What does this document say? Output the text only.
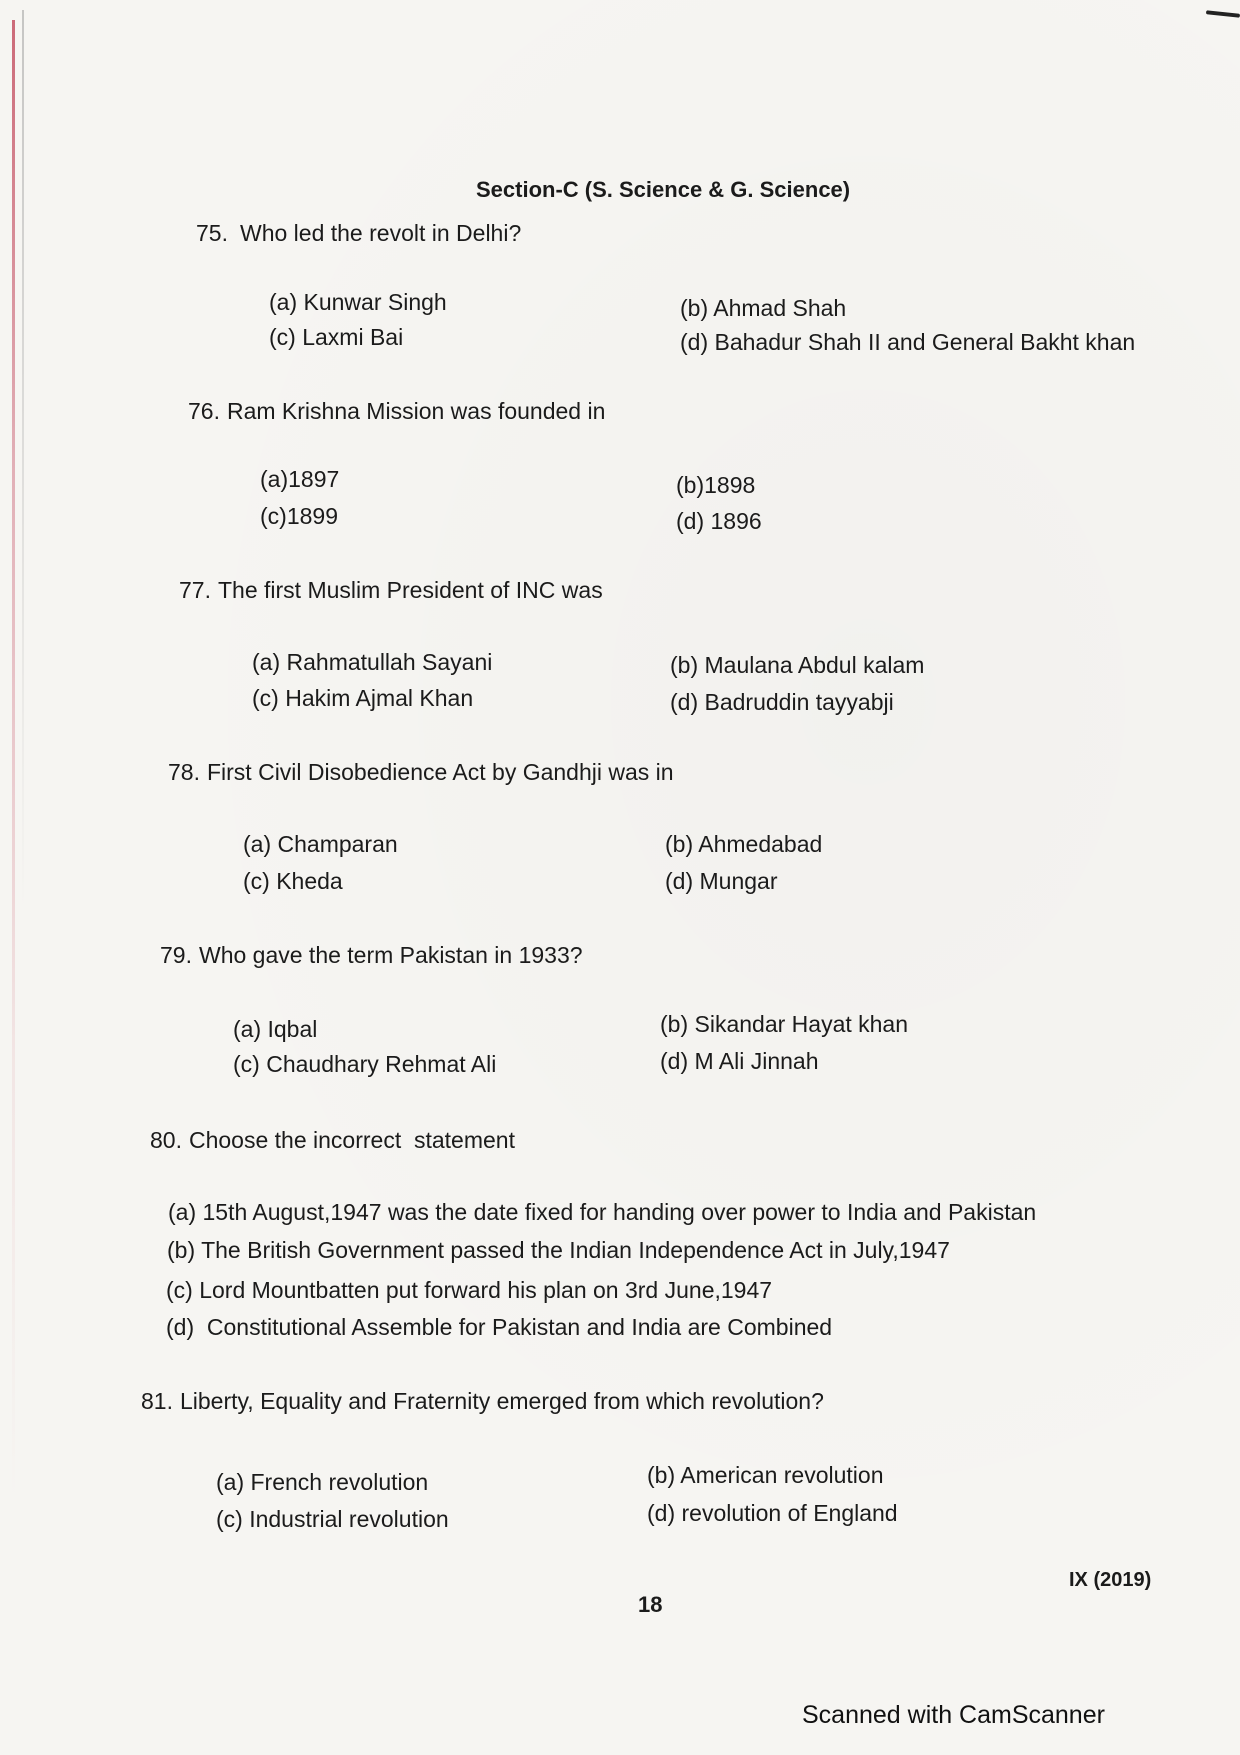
Section-C (S. Science & G. Science)
75. Who led the revolt in Delhi?
(a) Kunwar Singh	(b) Ahmad Shah
(c) Laxmi Bai	(d) Bahadur Shah II and General Bakht khan
76. Ram Krishna Mission was founded in
(a)1897	(b)1898
(c)1899	(d) 1896
77. The first Muslim President of INC was
(a) Rahmatullah Sayani	(b) Maulana Abdul kalam
(c) Hakim Ajmal Khan	(d) Badruddin tayyabji
78. First Civil Disobedience Act by Gandhji was in
(a) Champaran	(b) Ahmedabad
(c) Kheda	(d) Mungar
79. Who gave the term Pakistan in 1933?
(a) Iqbal	(b) Sikandar Hayat khan
(c) Chaudhary Rehmat Ali	(d) M Ali Jinnah
80. Choose the incorrect  statement
(a) 15th August,1947 was the date fixed for handing over power to India and Pakistan
(b) The British Government passed the Indian Independence Act in July,1947
(c) Lord Mountbatten put forward his plan on 3rd June,1947
(d)  Constitutional Assemble for Pakistan and India are Combined
81. Liberty, Equality and Fraternity emerged from which revolution?
(a) French revolution	(b) American revolution
(c) Industrial revolution	(d) revolution of England
IX (2019)
18
Scanned with CamScanner
